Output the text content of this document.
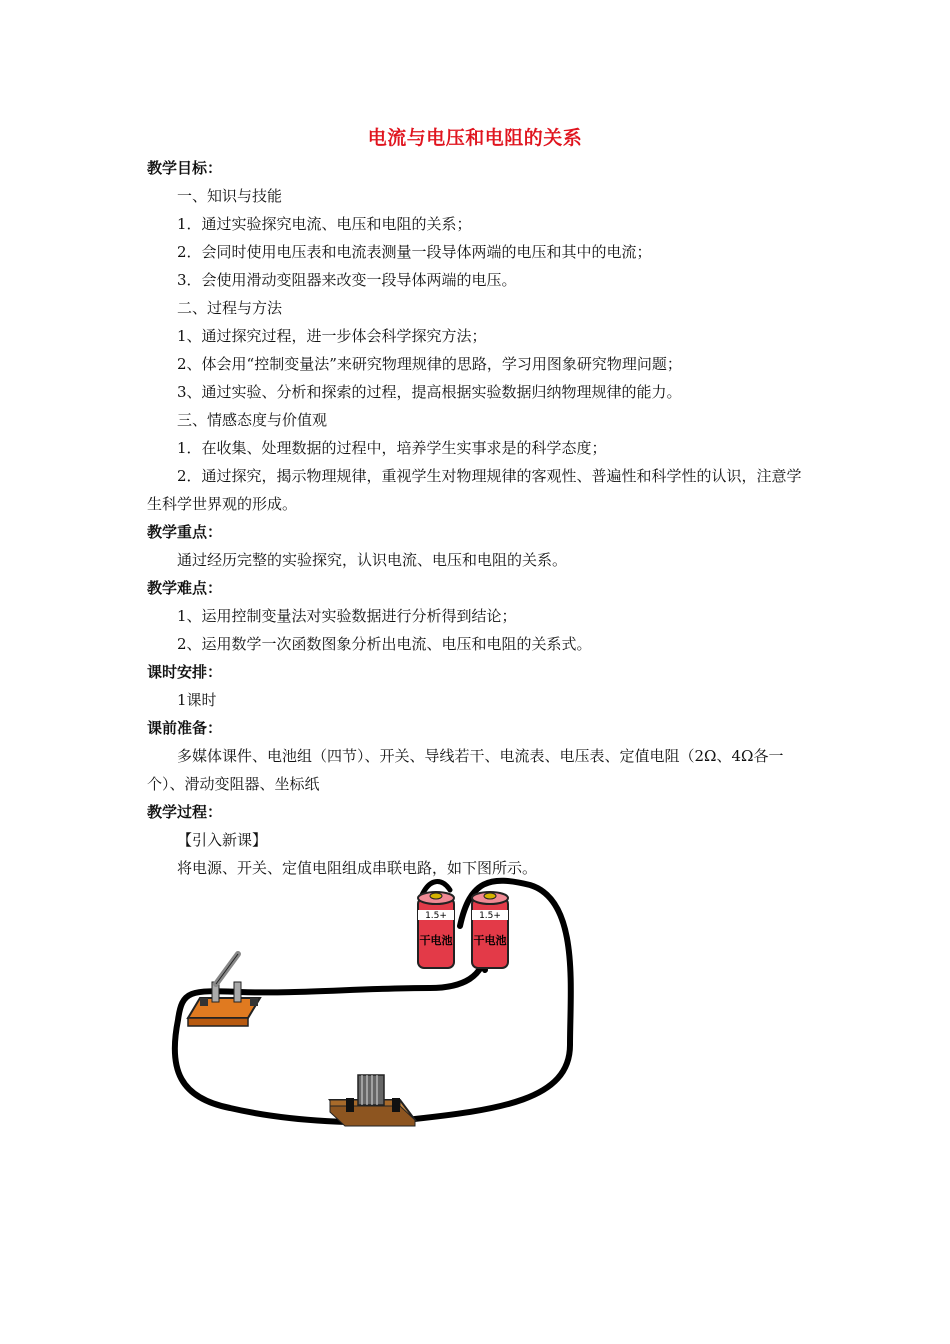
电流与电压和电阻的关系
教学目标：
一、知识与技能
1．通过实验探究电流、电压和电阻的关系；
2．会同时使用电压表和电流表测量一段导体两端的电压和其中的电流；
3．会使用滑动变阻器来改变一段导体两端的电压。
二、过程与方法
1、通过探究过程，进一步体会科学探究方法；
2、体会用“控制变量法”来研究物理规律的思路，学习用图象研究物理问题；
3、通过实验、分析和探索的过程，提高根据实验数据归纳物理规律的能力。
三、情感态度与价值观
1．在收集、处理数据的过程中，培养学生实事求是的科学态度；
2．通过探究，揭示物理规律，重视学生对物理规律的客观性、普遍性和科学性的认识，注意学生科学世界观的形成。
教学重点：
通过经历完整的实验探究，认识电流、电压和电阻的关系。
教学难点：
1、运用控制变量法对实验数据进行分析得到结论；
2、运用数学一次函数图象分析出电流、电压和电阻的关系式。
课时安排：
1课时
课前准备：
多媒体课件、电池组（四节）、开关、导线若干、电流表、电压表、定值电阻（2Ω、4Ω各一个）、滑动变阻器、坐标纸
教学过程：
【引入新课】
将电源、开关、定值电阻组成串联电路，如下图所示。
1.5+
干电池
1.5+
干电池
